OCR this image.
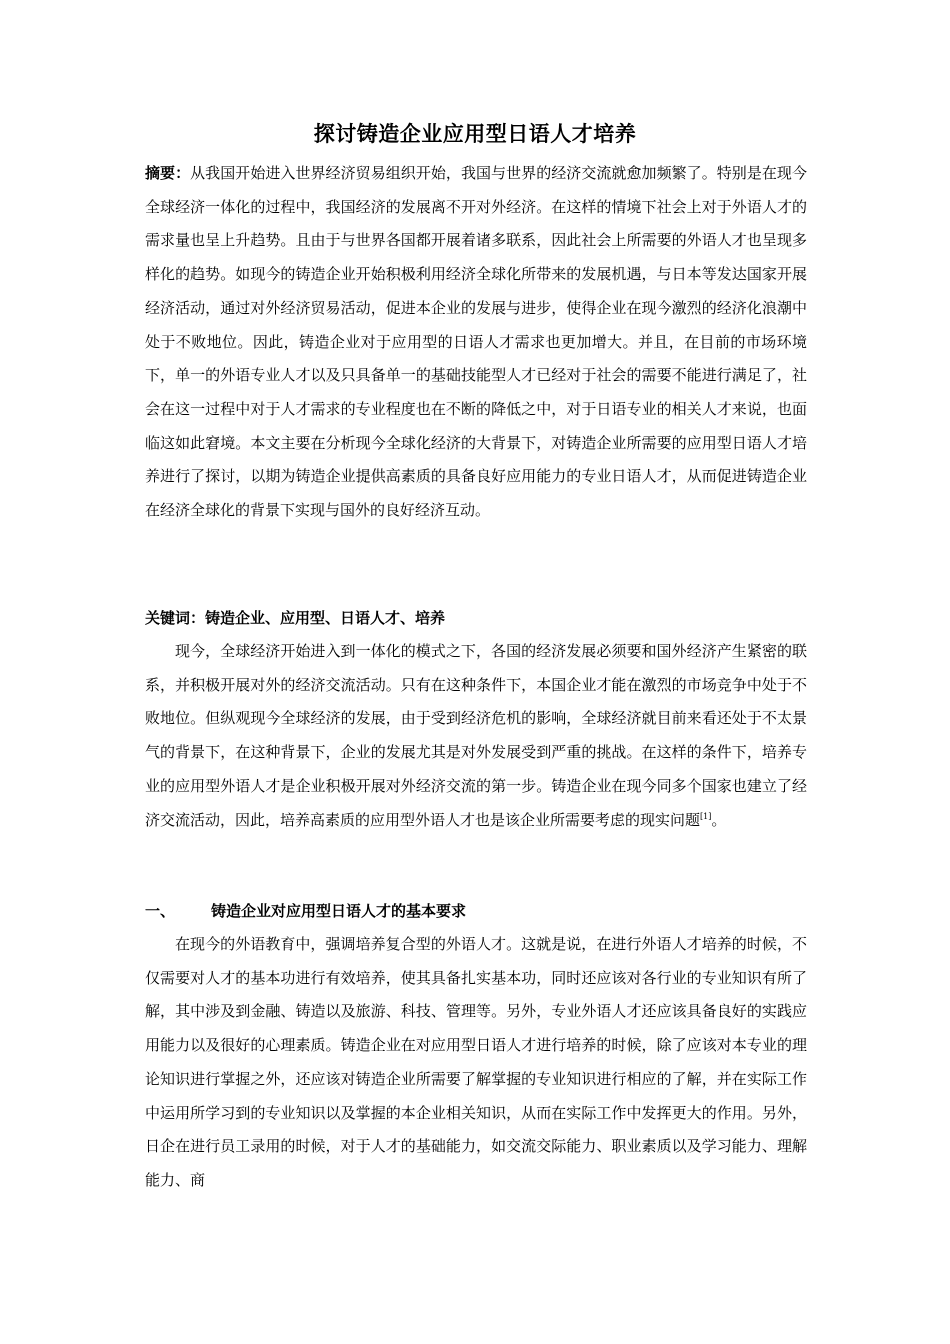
探讨铸造企业应用型日语人才培养
摘要：从我国开始进入世界经济贸易组织开始，我国与世界的经济交流就愈加频繁了。特别是在现今全球经济一体化的过程中，我国经济的发展离不开对外经济。在这样的情境下社会上对于外语人才的需求量也呈上升趋势。且由于与世界各国都开展着诸多联系，因此社会上所需要的外语人才也呈现多样化的趋势。如现今的铸造企业开始积极利用经济全球化所带来的发展机遇，与日本等发达国家开展经济活动，通过对外经济贸易活动，促进本企业的发展与进步，使得企业在现今激烈的经济化浪潮中处于不败地位。因此，铸造企业对于应用型的日语人才需求也更加增大。并且，在目前的市场环境下，单一的外语专业人才以及只具备单一的基础技能型人才已经对于社会的需要不能进行满足了，社会在这一过程中对于人才需求的专业程度也在不断的降低之中，对于日语专业的相关人才来说，也面临这如此窘境。本文主要在分析现今全球化经济的大背景下，对铸造企业所需要的应用型日语人才培养进行了探讨，以期为铸造企业提供高素质的具备良好应用能力的专业日语人才，从而促进铸造企业在经济全球化的背景下实现与国外的良好经济互动。
关键词：铸造企业、应用型、日语人才、培养
现今，全球经济开始进入到一体化的模式之下，各国的经济发展必须要和国外经济产生紧密的联系，并积极开展对外的经济交流活动。只有在这种条件下，本国企业才能在激烈的市场竞争中处于不败地位。但纵观现今全球经济的发展，由于受到经济危机的影响，全球经济就目前来看还处于不太景气的背景下，在这种背景下，企业的发展尤其是对外发展受到严重的挑战。在这样的条件下，培养专业的应用型外语人才是企业积极开展对外经济交流的第一步。铸造企业在现今同多个国家也建立了经济交流活动，因此，培养高素质的应用型外语人才也是该企业所需要考虑的现实问题[1]。
一、 铸造企业对应用型日语人才的基本要求
在现今的外语教育中，强调培养复合型的外语人才。这就是说，在进行外语人才培养的时候，不仅需要对人才的基本功进行有效培养，使其具备扎实基本功，同时还应该对各行业的专业知识有所了解，其中涉及到金融、铸造以及旅游、科技、管理等。另外，专业外语人才还应该具备良好的实践应用能力以及很好的心理素质。铸造企业在对应用型日语人才进行培养的时候，除了应该对本专业的理论知识进行掌握之外，还应该对铸造企业所需要了解掌握的专业知识进行相应的了解，并在实际工作中运用所学习到的专业知识以及掌握的本企业相关知识，从而在实际工作中发挥更大的作用。另外，日企在进行员工录用的时候，对于人才的基础能力，如交流交际能力、职业素质以及学习能力、理解能力、商
